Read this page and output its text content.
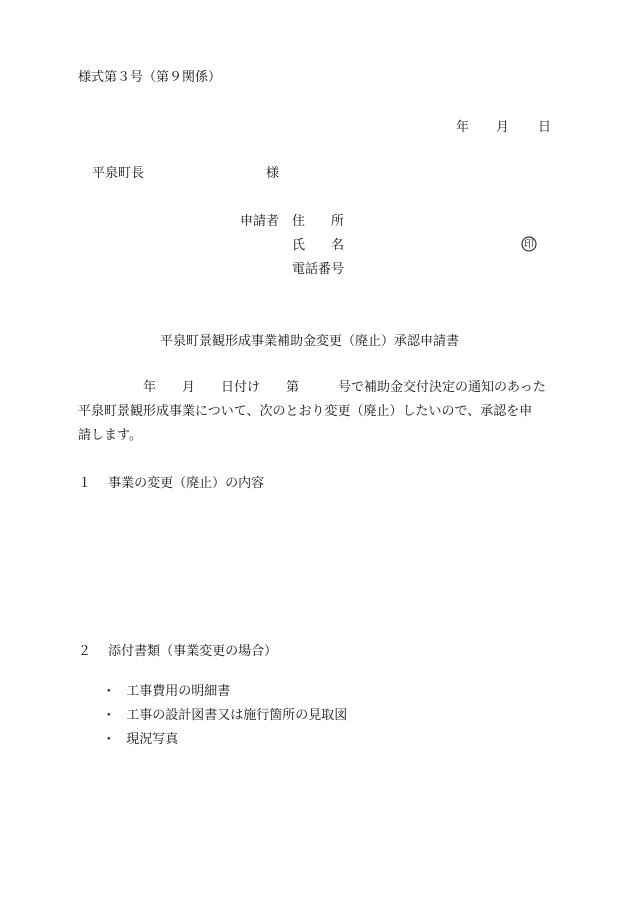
様式第３号（第９関係）
年 月 日
平泉町長	様
申請者 住　　所
氏　　名	印
電話番号
平泉町景観形成事業補助金変更（廃止）承認申請書
　　　　　年　　月　　日付け　　第　　　号で補助金交付決定の通知のあった
平泉町景観形成事業について、次のとおり変更（廃止）したいので、承認を申
請します。
１　 事業の変更（廃止）の内容
２　 添付書類（事業変更の場合）

・ 工事費用の明細書

・ 工事の設計図書又は施行箇所の見取図

・ 現況写真
